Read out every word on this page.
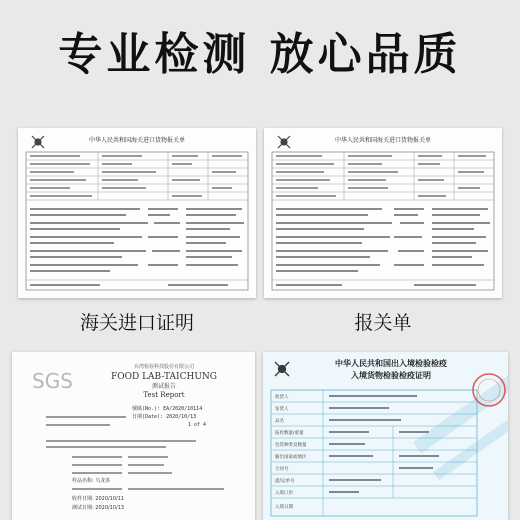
专业检测 放心品质
中华人民共和国海关进口货物报关单
海关进口证明
中华人民共和国海关进口货物报关单
报关单
SGS
台湾检验科技股份有限公司
FOOD LAB-TAICHUNG
测试报告
Test Report
號碼(No.): EA/2020/10114
日期(Date): 2020/10/13
1 of 4
样品名称: 乌龙茶
收样日期: 2020/10/11
测试日期: 2020/10/13
中华人民共和国出入境检验检疫
入境货物检验检疫证明
收货人
发货人
品名
报检数量/重量
包装种类及数量
输出国家或地区
合同号
提/运单号
入境口岸
入境日期
